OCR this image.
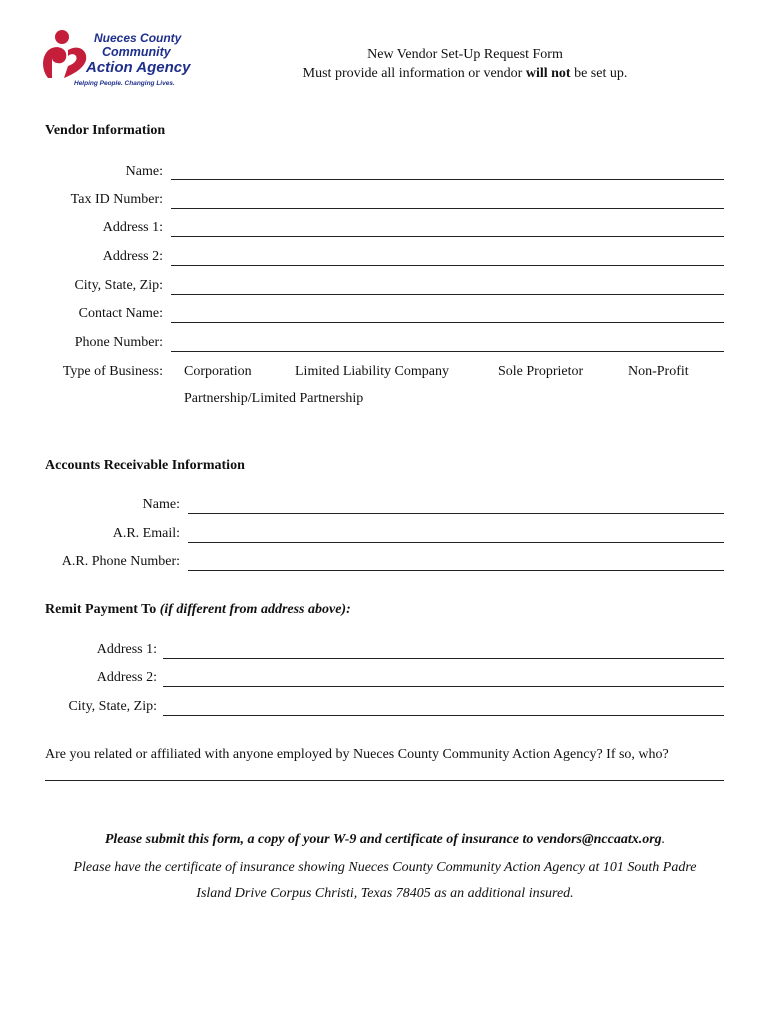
Nueces County
Community
Action Agency
Helping People. Changing Lives.
New Vendor Set-Up Request Form
Must provide all information or vendor will not be set up.
Vendor Information
Name:
Tax ID Number:
Address 1:
Address 2:
City, State, Zip:
Contact Name:
Phone Number:
Type of Business: Corporation	Limited Liability Company	Sole Proprietor	Non-Profit
Partnership/Limited Partnership
Accounts Receivable Information
Name:
A.R. Email:
A.R. Phone Number:
Remit Payment To (if different from address above):
Address 1:
Address 2:
City, State, Zip:
Are you related or affiliated with anyone employed by Nueces County Community Action Agency? If so, who?
Please submit this form, a copy of your W-9 and certificate of insurance to vendors@nccaatx.org.
Please have the certificate of insurance showing Nueces County Community Action Agency at 101 South Padre
Island Drive Corpus Christi, Texas 78405 as an additional insured.
